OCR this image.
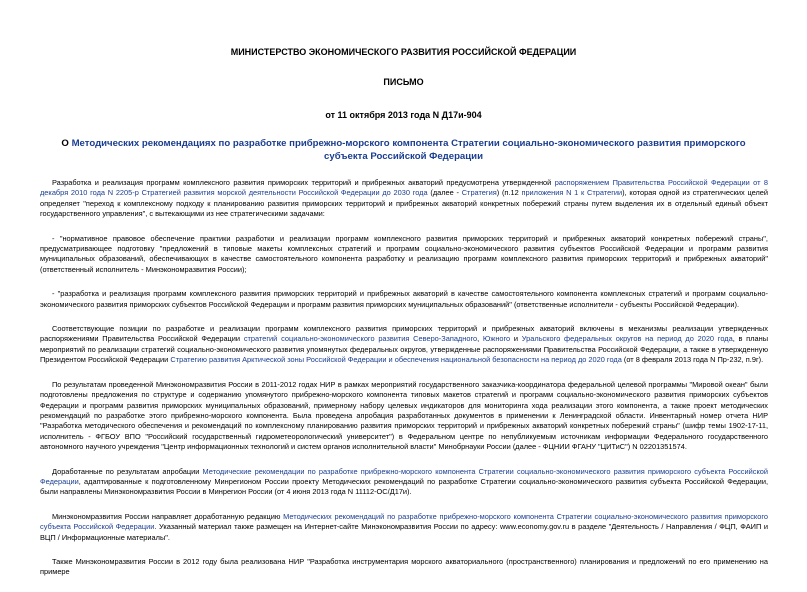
МИНИСТЕРСТВО ЭКОНОМИЧЕСКОГО РАЗВИТИЯ РОССИЙСКОЙ ФЕДЕРАЦИИ
ПИСЬМО
от 11 октября 2013 года N Д17и-904
О Методических рекомендациях по разработке прибрежно-морского компонента Стратегии социально-экономического развития приморского субъекта Российской Федерации

Разработка и реализация программ комплексного развития приморских территорий и прибрежных акваторий предусмотрена утвержденной распоряжением Правительства Российской Федерации от 8 декабря 2010 года N 2205-р Стратегией развития морской деятельности Российской Федерации до 2030 года (далее - Стратегия) (п.12 приложения N 1 к Стратегии), которая одной из стратегических целей определяет "переход к комплексному подходу к планированию развития приморских территорий и прибрежных акваторий конкретных побережий страны путем выделения их в отдельный единый объект государственного управления", с вытекающими из нее стратегическими задачами:

- "нормативное правовое обеспечение практики разработки и реализации программ комплексного развития приморских территорий и прибрежных акваторий конкретных побережий страны", предусматривающее подготовку "предложений в типовые макеты комплексных стратегий и программ социально-экономического развития субъектов Российской Федерации и программ развития муниципальных образований, обеспечивающих в качестве самостоятельного компонента разработку и реализацию программ комплексного развития приморских территорий и прибрежных акваторий" (ответственный исполнитель - Минэкономразвития России);

- "разработка и реализация программ комплексного развития приморских территорий и прибрежных акваторий в качестве самостоятельного компонента комплексных стратегий и программ социально-экономического развития приморских субъектов Российской Федерации и программ развития приморских муниципальных образований" (ответственные исполнители - субъекты Российской Федерации).

Соответствующие позиции по разработке и реализации программ комплексного развития приморских территорий и прибрежных акваторий включены в механизмы реализации утвержденных распоряжениями Правительства Российской Федерации стратегий социально-экономического развития Северо-Западного, Южного и Уральского федеральных округов на период до 2020 года, в планы мероприятий по реализации стратегий социально-экономического развития упомянутых федеральных округов, утвержденные распоряжениями Правительства Российской Федерации, а также в утвержденную Президентом Российской Федерации Стратегию развития Арктической зоны Российской Федерации и обеспечения национальной безопасности на период до 2020 года (от 8 февраля 2013 года N Пр-232, п.9г).

По результатам проведенной Минэкономразвития России в 2011-2012 годах НИР в рамках мероприятий государственного заказчика-координатора федеральной целевой программы "Мировой океан" были подготовлены предложения по структуре и содержанию упомянутого прибрежно-морского компонента типовых макетов стратегий и программ социально-экономического развития приморских субъектов Федерации и программ развития приморских муниципальных образований, примерному набору целевых индикаторов для мониторинга хода реализации этого компонента, а также проект методических рекомендаций по разработке этого прибрежно-морского компонента. Была проведена апробация разработанных документов в применении к Ленинградской области. Инвентарный номер отчета НИР "Разработка методического обеспечения и рекомендаций по комплексному планированию развития приморских территорий и прибрежных акваторий конкретных побережий страны" (шифр темы 1902-17-11, исполнитель - ФГБОУ ВПО "Российский государственный гидрометеорологический университет") в Федеральном центре по непубликуемым источникам информации Федерального государственного автономного научного учреждения "Центр информационных технологий и систем органов исполнительной власти" Минобрнауки России (далее - ФЦНИИ ФГАНУ "ЦИТиС") N 02201351574.

Доработанные по результатам апробации Методические рекомендации по разработке прибрежно-морского компонента Стратегии социально-экономического развития приморского субъекта Российской Федерации, адаптированные к подготовленному Минрегионом России проекту Методических рекомендаций по разработке Стратегии социально-экономического развития субъекта Российской Федерации, были направлены Минэкономразвития России в Минрегион России (от 4 июня 2013 года N 11112-ОС/Д17и).

Минэкономразвития России направляет доработанную редакцию Методических рекомендаций по разработке прибрежно-морского компонента Стратегии социально-экономического развития приморского субъекта Российской Федерации. Указанный материал также размещен на Интернет-сайте Минэкономразвития России по адресу: www.economy.gov.ru в разделе "Деятельность / Направления / ФЦП, ФАИП и ВЦП / Информационные материалы".

Также Минэкономразвития России в 2012 году была реализована НИР "Разработка инструментария морского акваториального (пространственного) планирования и предложений по его применению на примере
